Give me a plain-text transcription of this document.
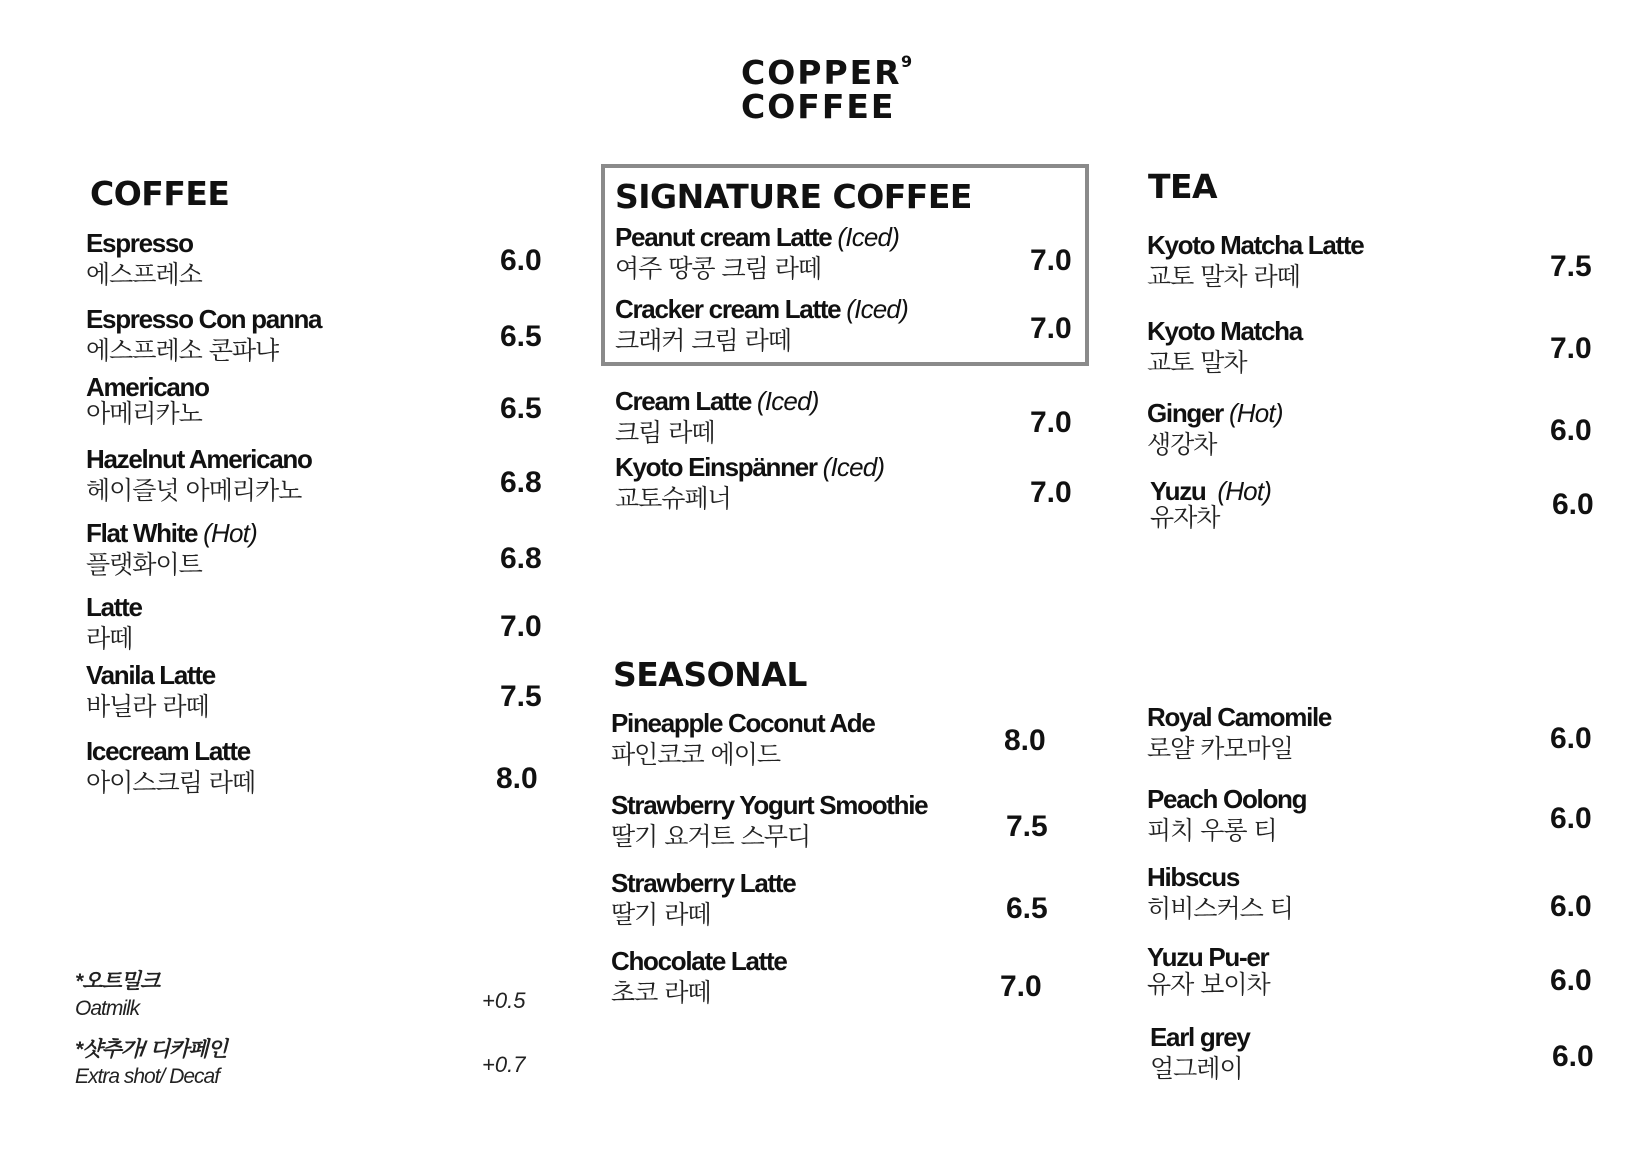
COPPER 9
COFFEE
COFFEE
Espresso
에스프레소	6.0
Espresso Con panna
에스프레소 콘파냐	6.5
Americano
아메리카노	6.5
Hazelnut Americano
헤이즐넛 아메리카노	6.8
Flat White (Hot)
플랫화이트	6.8
Latte
라떼	7.0
Vanila Latte
바닐라 라떼	7.5
Icecream Latte
아이스크림 라떼	8.0
*오트밀크
Oatmilk	+0.5
*샷추가/ 디카페인
Extra shot/ Decaf	+0.7
SIGNATURE COFFEE
Peanut cream Latte (Iced)
여주 땅콩 크림 라떼	7.0
Cracker cream Latte (Iced)
크래커 크림 라떼	7.0
Cream Latte (Iced)
크림 라떼	7.0
Kyoto Einspänner (Iced)
교토슈페너	7.0
SEASONAL
Pineapple Coconut Ade
파인코코 에이드	8.0
Strawberry Yogurt Smoothie
딸기 요거트 스무디	7.5
Strawberry Latte
딸기 라떼	6.5
Chocolate Latte
초코 라떼	7.0
TEA
Kyoto Matcha Latte
교토 말차 라떼	7.5
Kyoto Matcha
교토 말차	7.0
Ginger (Hot)
생강차	6.0
Yuzu (Hot)
유자차	6.0
Royal Camomile
로얄 카모마일	6.0
Peach Oolong
피치 우롱 티	6.0
Hibscus
히비스커스 티	6.0
Yuzu Pu-er
유자 보이차	6.0
Earl grey
얼그레이	6.0
